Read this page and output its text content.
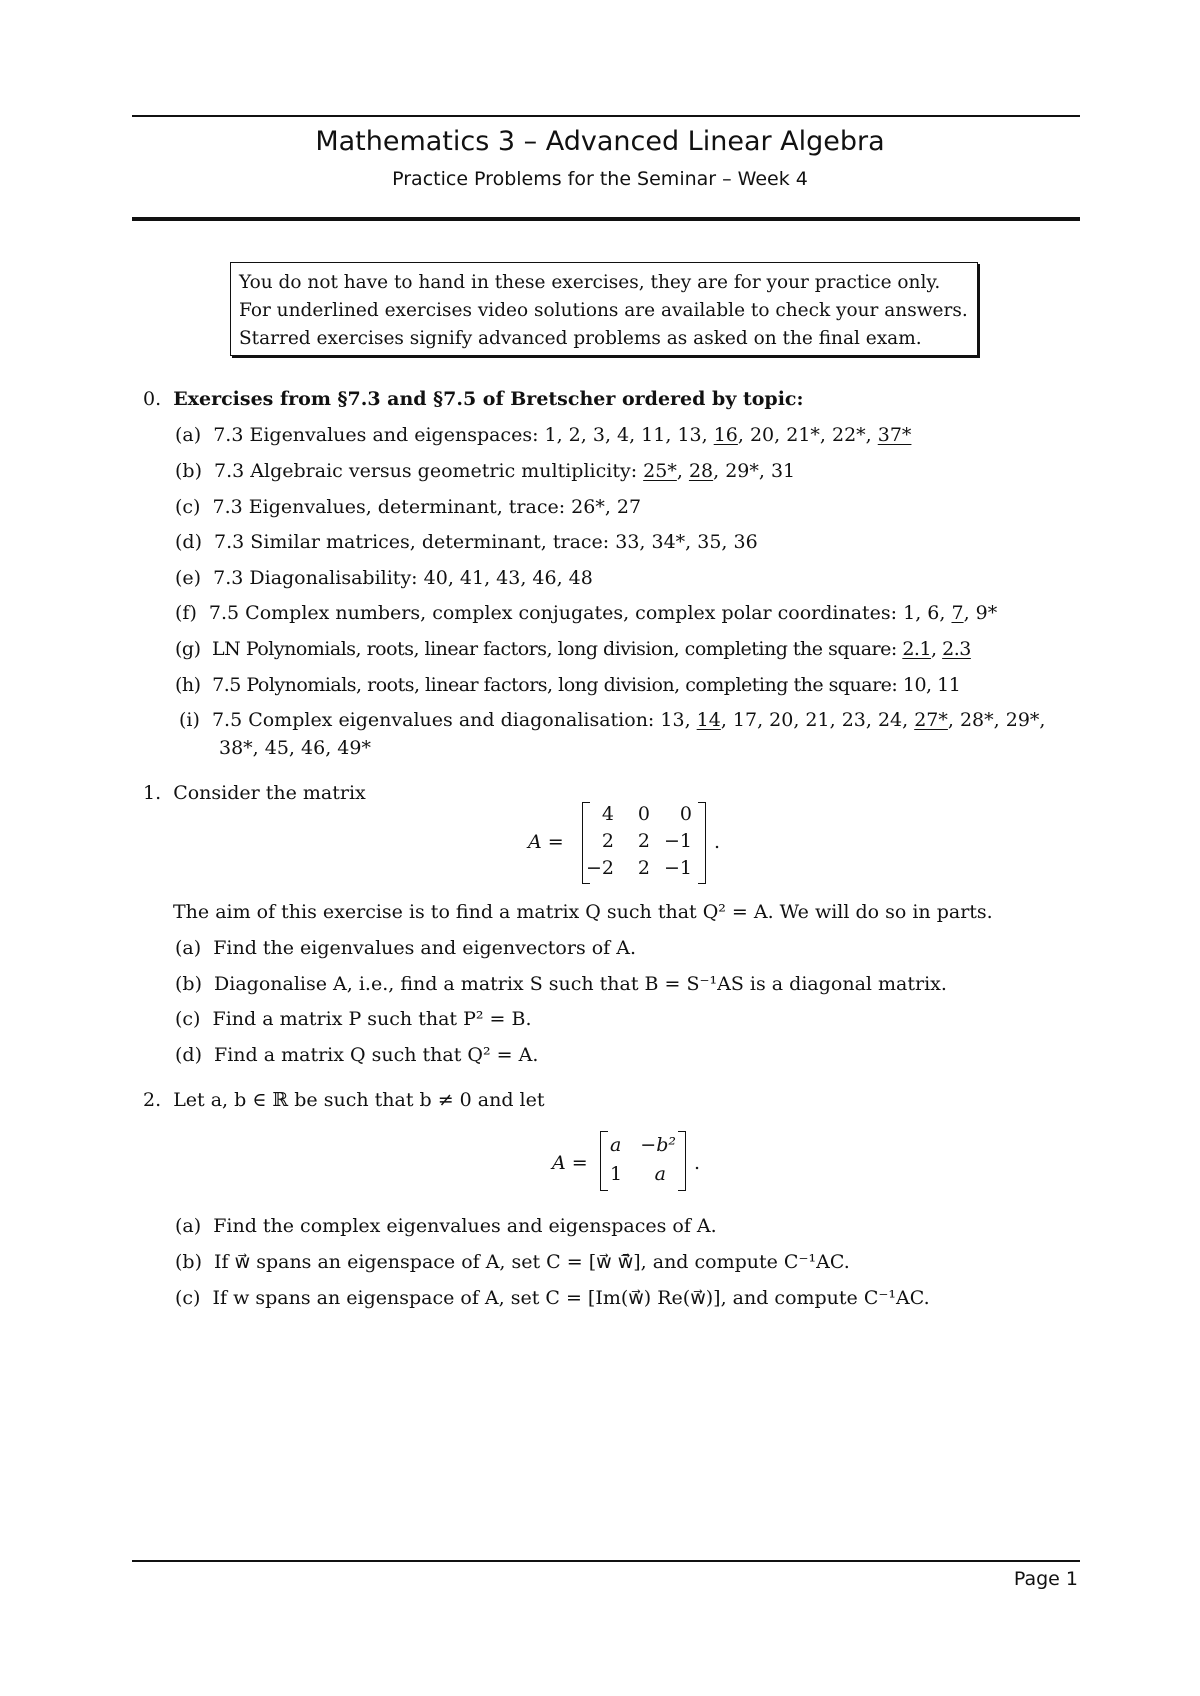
Mathematics 3 – Advanced Linear Algebra
Practice Problems for the Seminar – Week 4
You do not have to hand in these exercises, they are for your practice only.
For underlined exercises video solutions are available to check your answers.
Starred exercises signify advanced problems as asked on the final exam.
0. Exercises from §7.3 and §7.5 of Bretscher ordered by topic:
(a) 7.3 Eigenvalues and eigenspaces: 1, 2, 3, 4, 11, 13, 16, 20, 21*, 22*, 37*
(b) 7.3 Algebraic versus geometric multiplicity: 25*, 28, 29*, 31
(c) 7.3 Eigenvalues, determinant, trace: 26*, 27
(d) 7.3 Similar matrices, determinant, trace: 33, 34*, 35, 36
(e) 7.3 Diagonalisability: 40, 41, 43, 46, 48
(f) 7.5 Complex numbers, complex conjugates, complex polar coordinates: 1, 6, 7, 9*
(g) LN Polynomials, roots, linear factors, long division, completing the square: 2.1, 2.3
(h) 7.5 Polynomials, roots, linear factors, long division, completing the square: 10, 11
(i) 7.5 Complex eigenvalues and diagonalisation: 13, 14, 17, 20, 21, 23, 24, 27*, 28*, 29*,
38*, 45, 46, 49*
1. Consider the matrix
A =
4	0	0
2	2 −1
−2	2 −1
.
The aim of this exercise is to find a matrix Q such that Q² = A. We will do so in parts.
(a) Find the eigenvalues and eigenvectors of A.
(b) Diagonalise A, i.e., find a matrix S such that B = S⁻¹AS is a diagonal matrix.
(c) Find a matrix P such that P² = B.
(d) Find a matrix Q such that Q² = A.
2. Let a, b ∈ ℝ be such that b ≠ 0 and let
A =
a −b²
1 a .
(a) Find the complex eigenvalues and eigenspaces of A.
(b) If w⃗ spans an eigenspace of A, set C = [w⃗ w̄⃗], and compute C⁻¹AC.
(c) If w spans an eigenspace of A, set C = [Im(w⃗) Re(w⃗)], and compute C⁻¹AC.
Page 1
